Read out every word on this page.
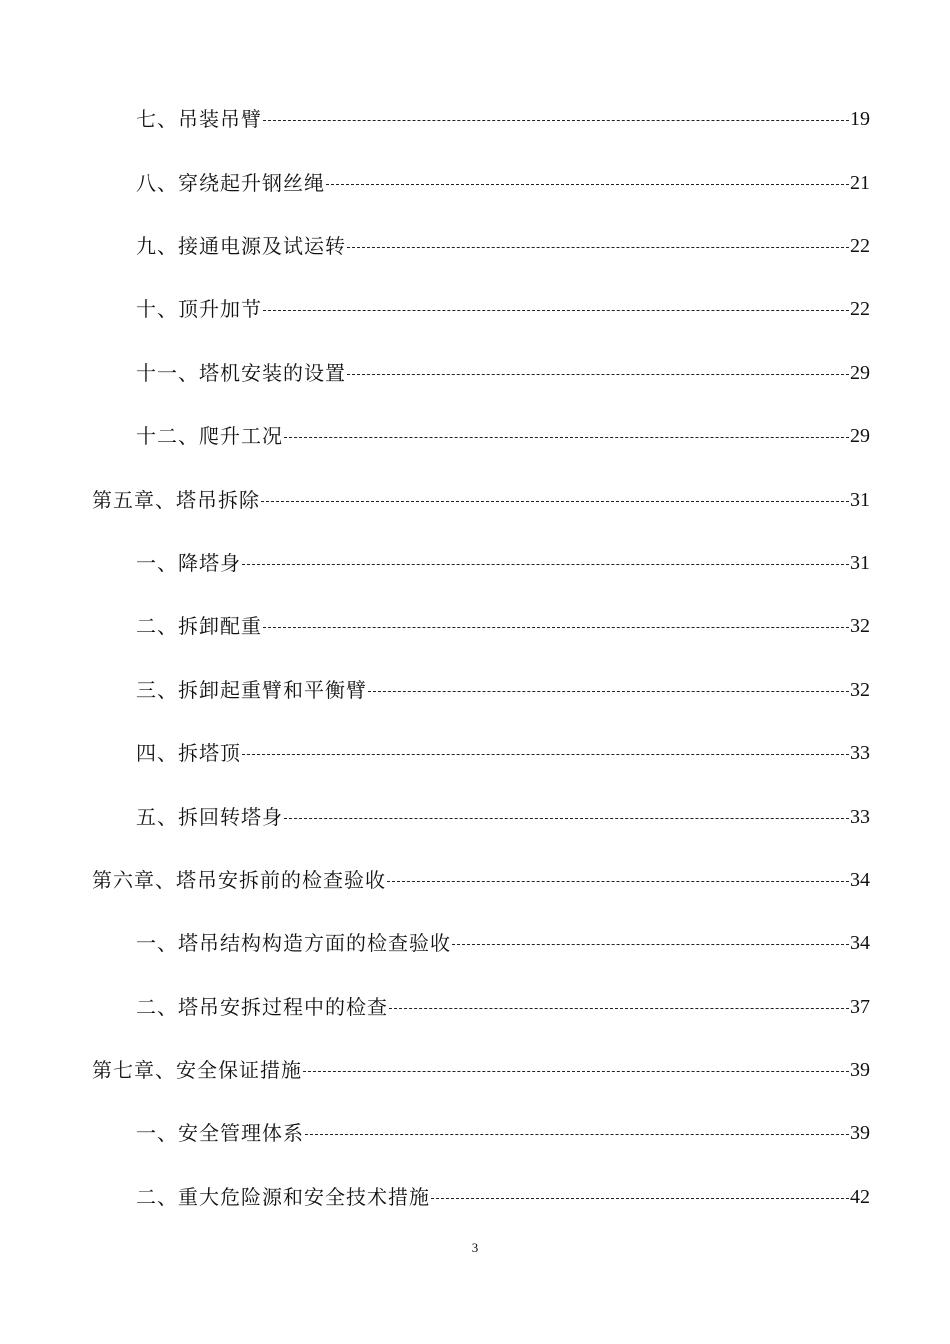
七、吊装吊臂	19
八、穿绕起升钢丝绳	21
九、接通电源及试运转	22
十、顶升加节	22
十一、塔机安装的设置	29
十二、爬升工况	29
第五章、塔吊拆除	31
一、降塔身	31
二、拆卸配重	32
三、拆卸起重臂和平衡臂	32
四、拆塔顶	33
五、拆回转塔身	33
第六章、塔吊安拆前的检查验收	34
一、塔吊结构构造方面的检查验收	34
二、塔吊安拆过程中的检查	37
第七章、安全保证措施	39
一、安全管理体系	39
二、重大危险源和安全技术措施	42
3
